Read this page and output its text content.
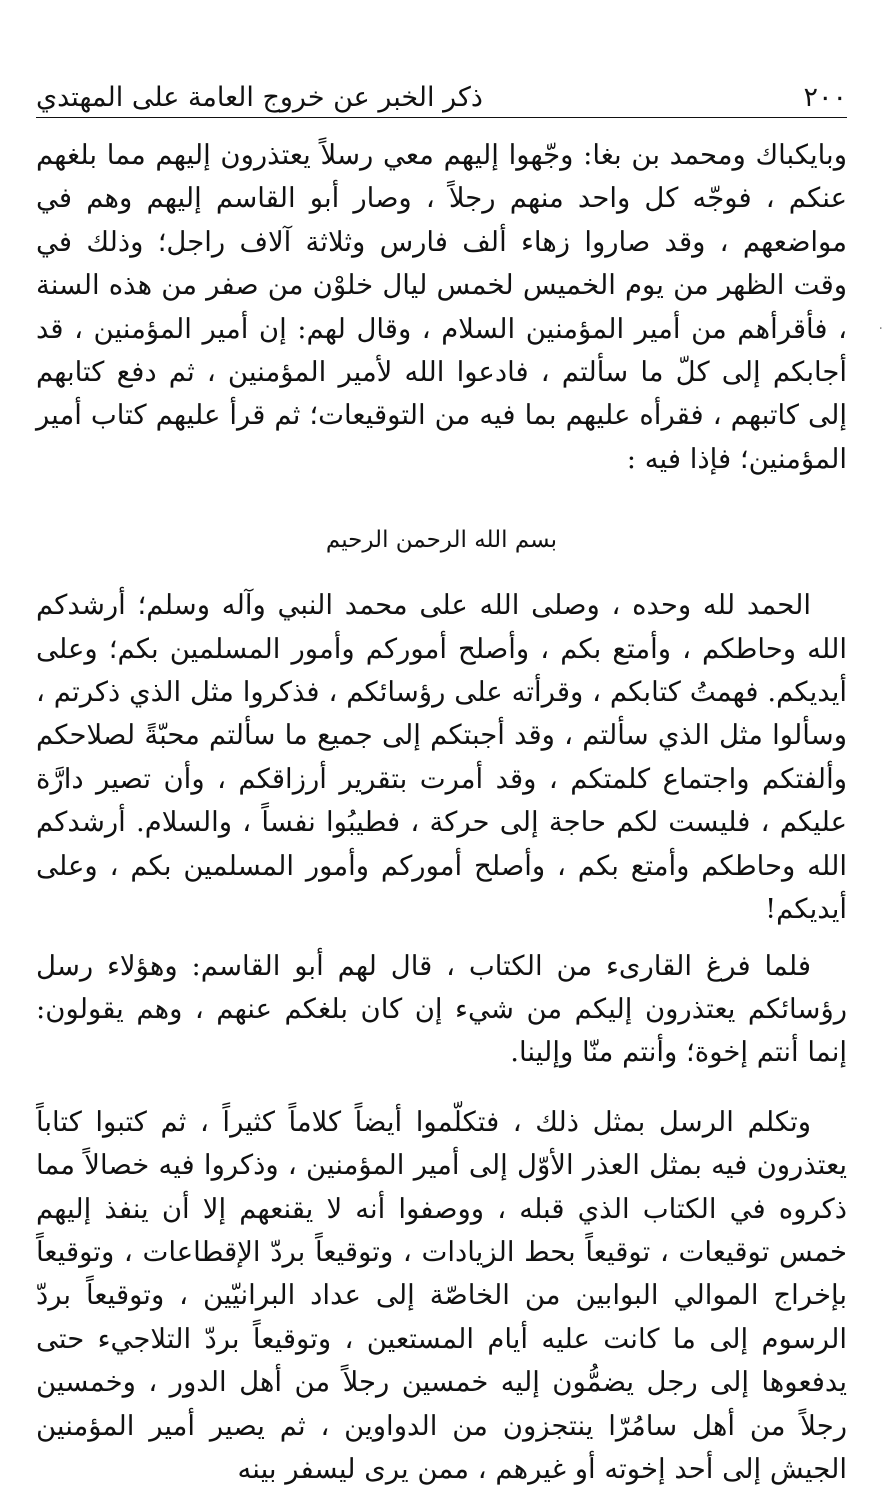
٢٠٠
ذكر الخبر عن خروج العامة على المهتدي
·

وبايكباك ومحمد بن بغا: وجّهوا إليهم معي رسلاً يعتذرون إليهم مما بلغهم عنكم ، فوجّه كل واحد منهم رجلاً ، وصار أبو القاسم إليهم وهم في مواضعهم ، وقد صاروا زهاء ألف فارس وثلاثة آلاف راجل؛ وذلك في وقت الظهر من يوم الخميس لخمس ليال خلوْن من صفر من هذه السنة ، فأقرأهم من أمير المؤمنين السلام ، وقال لهم: إن أمير المؤمنين ، قد أجابكم إلى كلّ ما سألتم ، فادعوا الله لأمير المؤمنين ، ثم دفع كتابهم إلى كاتبهم ، فقرأه عليهم بما فيه من التوقيعات؛ ثم قرأ عليهم كتاب أمير المؤمنين؛ فإذا فيه :

بسم الله الرحمن الرحيم

الحمد لله وحده ، وصلى الله على محمد النبي وآله وسلم؛ أرشدكم الله وحاطكم ، وأمتع بكم ، وأصلح أموركم وأمور المسلمين بكم؛ وعلى أيديكم. فهمتُ كتابكم ، وقرأته على رؤسائكم ، فذكروا مثل الذي ذكرتم ، وسألوا مثل الذي سألتم ، وقد أجبتكم إلى جميع ما سألتم محبّةً لصلاحكم وألفتكم واجتماع كلمتكم ، وقد أمرت بتقرير أرزاقكم ، وأن تصير دارَّة عليكم ، فليست لكم حاجة إلى حركة ، فطيبُوا نفساً ، والسلام. أرشدكم الله وحاطكم وأمتع بكم ، وأصلح أموركم وأمور المسلمين بكم ، وعلى أيديكم!

فلما فرغ القارىء من الكتاب ، قال لهم أبو القاسم: وهؤلاء رسل رؤسائكم يعتذرون إليكم من شيء إن كان بلغكم عنهم ، وهم يقولون: إنما أنتم إخوة؛ وأنتم منّا وإلينا.

وتكلم الرسل بمثل ذلك ، فتكلّموا أيضاً كلاماً كثيراً ، ثم كتبوا كتاباً يعتذرون فيه بمثل العذر الأوّل إلى أمير المؤمنين ، وذكروا فيه خصالاً مما ذكروه في الكتاب الذي قبله ، ووصفوا أنه لا يقنعهم إلا أن ينفذ إليهم خمس توقيعات ، توقيعاً بحط الزيادات ، وتوقيعاً بردّ الإقطاعات ، وتوقيعاً بإخراج الموالي البوابين من الخاصّة إلى عداد البرانيّين ، وتوقيعاً بردّ الرسوم إلى ما كانت عليه أيام المستعين ، وتوقيعاً بردّ التلاجيء حتى يدفعوها إلى رجل يضمُّون إليه خمسين رجلاً من أهل الدور ، وخمسين رجلاً من أهل سامُرّا ينتجزون من الدواوين ، ثم يصير أمير المؤمنين الجيش إلى أحد إخوته أو غيرهم ، ممن يرى ليسفر بينه
